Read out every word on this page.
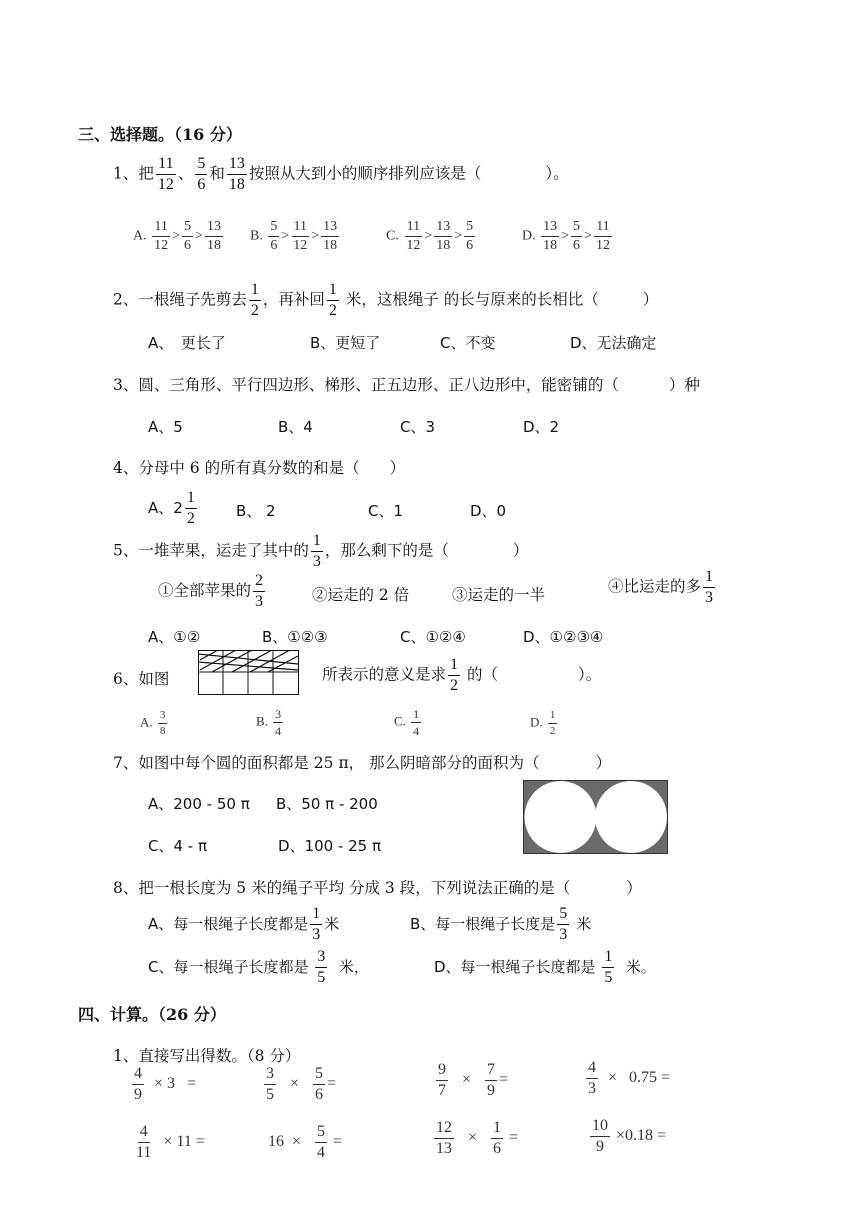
三、选择题。（16 分）
1、把 $\frac{11}{12}$ 、 $\frac{5}{6}$ 和 $\frac{13}{18}$ 按照从大到小的顺序排列应该是（	）。
A. $\frac{11}{12} > \frac{5}{6} > \frac{13}{18} B$. $\frac{5}{6} > \frac{11}{12} > \frac{13}{18}$	C. $\frac{11}{12} > \frac{13}{18} > \frac{5}{6}$	D. $\frac{13}{18} > \frac{5}{6} > \frac{11}{12}$
2、一根绳子先剪去 $\frac{1}{2}$ ，再补回 $\frac{1}{2}$ 米，这根绳子 的长与原来的长相比（	）
A、　更长了	B、更短了	C、不变	D、无法确定
3、圆、三角形、平行四边形、梯形、正五边形、正八边形中，能密铺的（	）种
A、5	B、4	C、3	D、2
4、分母中 6 的所有真分数的和是（ ）
A、$2 \frac{1}{2}$	B、 2	C、1	D、0
5、一堆苹果，运走了其中的 $\frac{1}{3}$ ，那么剩下的是（	）
①全部苹果的 $\frac{2}{3}$	②运走的 2 倍	③运走的一半	④比运走的多 $\frac{1}{3}$
A、①②	B、①②③	C、①②④	D、①②③④
6、如图	所表示的意义是求 $\frac{1}{2}$ 的（	）。
A. $\frac{3}{8}$	B. $\frac{3}{4}$	C. $\frac{1}{4}$	D. $\frac{1}{2}$
7、如图中每个圆的面积都是 25 π， 那么阴暗部分的面积为（	）
A、200 - 50 π B、50 π - 200
C、4 - π	D、100 - 25 π
8、把一根长度为 5 米的绳子平均 分成 3 段，下列说法正确的是（	）
A、每一根绳子长度都是 $\frac{1}{3}$ 米	B、每一根绳子长度是 $\frac{5}{3}$ 米
C、每一根绳子长度都是 $\frac{3}{5}$ 米，	D、每一根绳子长度都是 $\frac{1}{5}$ 米。
四、计算。（26 分）
1、直接写出得数。（8 分）
$\frac{4}{9} \times 3$ =	$\frac{3}{5} \times \frac{5}{6}$ =	$\frac{9}{7} \times \frac{7}{9}$ =	$\frac{4}{3} \times 0.75$ =
$\frac{4}{11} \times 11$ =	$16 \times \frac{5}{4}$ =	$\frac{12}{13} \times \frac{1}{6}$ =	$\frac{10}{9} \times 0.18$ =
